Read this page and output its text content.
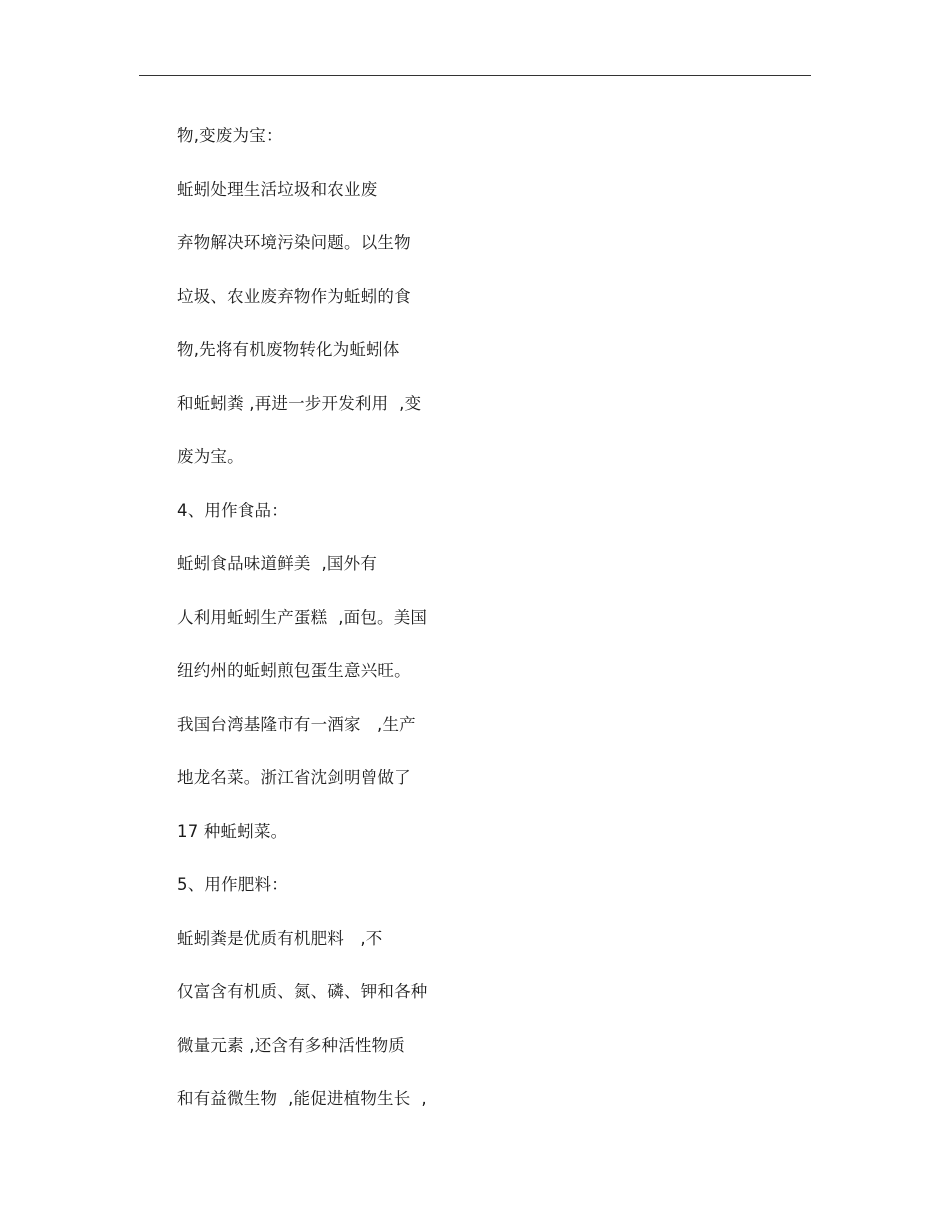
物,变废为宝：
蚯蚓处理生活垃圾和农业废
弃物解决环境污染问题。以生物
垃圾、农业废弃物作为蚯蚓的食
物,先将有机废物转化为蚯蚓体
和蚯蚓粪 ,再进一步开发利用  ,变
废为宝。
4、用作食品：
蚯蚓食品味道鲜美  ,国外有
人利用蚯蚓生产蛋糕  ,面包。美国
纽约州的蚯蚓煎包蛋生意兴旺。
我国台湾基隆市有一酒家   ,生产
地龙名菜。浙江省沈剑明曾做了
17 种蚯蚓菜。
5、用作肥料：
蚯蚓粪是优质有机肥料   ,不
仅富含有机质、氮、磷、钾和各种
微量元素 ,还含有多种活性物质
和有益微生物  ,能促进植物生长  ,
